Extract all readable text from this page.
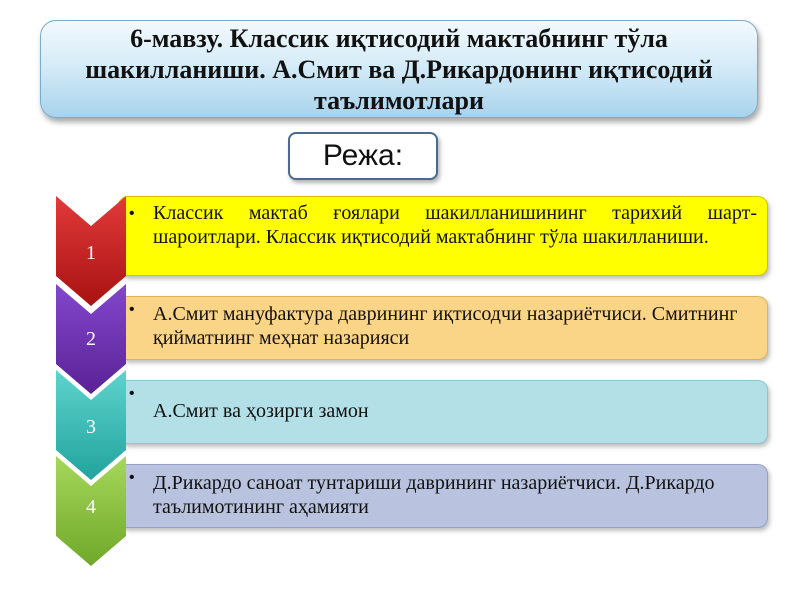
6-мавзу. Классик иқтисодий мактабнинг тўла шакилланиши. А.Смит ва Д.Рикардонинг иқтисодий таълимотлари
Режа:
• Классик мактаб ғоялари шакилланишининг тарихий шарт-шароитлари. Классик иқтисодий мактабнинг тўла шакилланиши.
1
• А.Смит мануфактура даврининг иқтисодчи назариётчиси. Смитнинг қийматнинг меҳнат назарияси
2
•
А.Смит ва ҳозирги замон
3
• Д.Рикардо саноат тунтариши даврининг назариётчиси. Д.Рикардо таълимотининг аҳамияти
4
